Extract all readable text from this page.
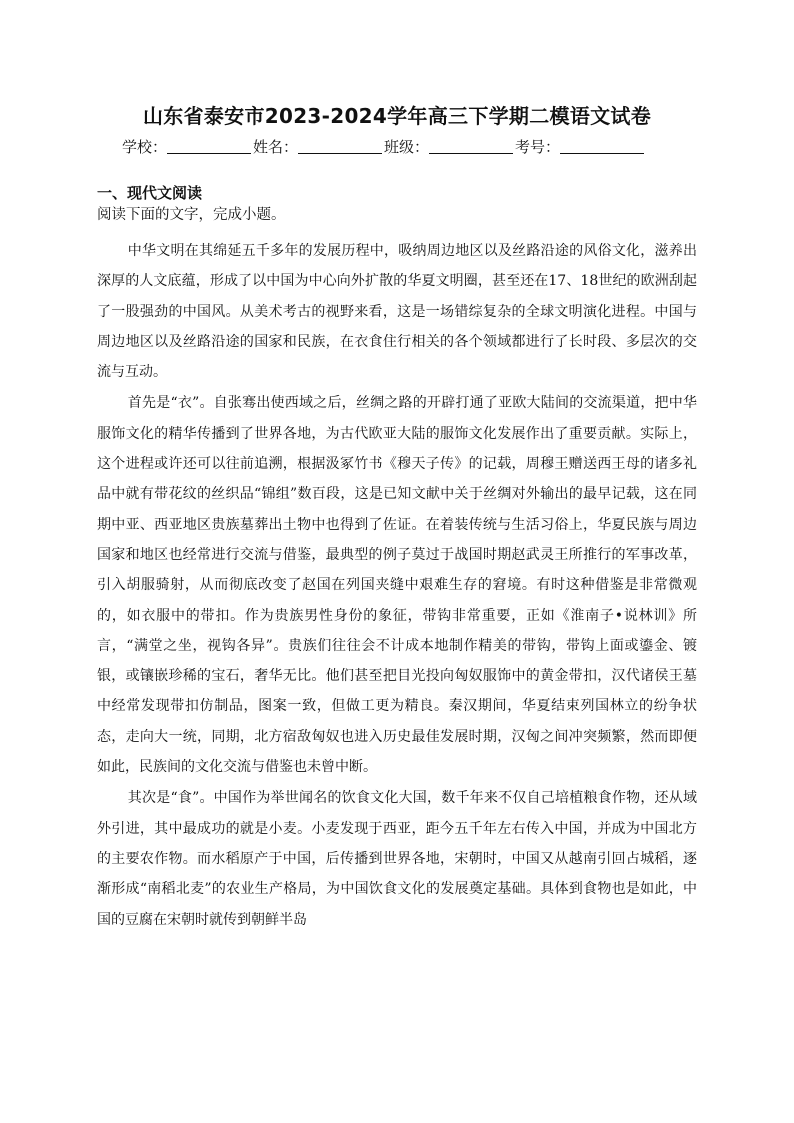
山东省泰安市2023-2024学年高三下学期二模语文试卷
学校：	姓名：	班级：	考号：
一、现代文阅读
阅读下面的文字，完成小题。

中华文明在其绵延五千多年的发展历程中，吸纳周边地区以及丝路沿途的风俗文化，滋养出深厚的人文底蕴，形成了以中国为中心向外扩散的华夏文明圈，甚至还在17、18世纪的欧洲刮起了一股强劲的中国风。从美术考古的视野来看，这是一场错综复杂的全球文明演化进程。中国与周边地区以及丝路沿途的国家和民族，在衣食住行相关的各个领域都进行了长时段、多层次的交流与互动。

首先是“衣”。自张骞出使西域之后，丝绸之路的开辟打通了亚欧大陆间的交流渠道，把中华服饰文化的精华传播到了世界各地，为古代欧亚大陆的服饰文化发展作出了重要贡献。实际上，这个进程或许还可以往前追溯，根据汲冢竹书《穆天子传》的记载，周穆王赠送西王母的诸多礼品中就有带花纹的丝织品“锦组”数百段，这是已知文献中关于丝绸对外输出的最早记载，这在同期中亚、西亚地区贵族墓葬出土物中也得到了佐证。在着装传统与生活习俗上，华夏民族与周边国家和地区也经常进行交流与借鉴，最典型的例子莫过于战国时期赵武灵王所推行的军事改革，引入胡服骑射，从而彻底改变了赵国在列国夹缝中艰难生存的窘境。有时这种借鉴是非常微观的，如衣服中的带扣。作为贵族男性身份的象征，带钩非常重要，正如《淮南子•说林训》所言，“满堂之坐，视钩各异”。贵族们往往会不计成本地制作精美的带钩，带钩上面或鎏金、镀银，或镶嵌珍稀的宝石，奢华无比。他们甚至把目光投向匈奴服饰中的黄金带扣，汉代诸侯王墓中经常发现带扣仿制品，图案一致，但做工更为精良。秦汉期间，华夏结束列国林立的纷争状态，走向大一统，同期，北方宿敌匈奴也进入历史最佳发展时期，汉匈之间冲突频繁，然而即便如此，民族间的文化交流与借鉴也未曾中断。

其次是“食”。中国作为举世闻名的饮食文化大国，数千年来不仅自己培植粮食作物，还从域外引进，其中最成功的就是小麦。小麦发现于西亚，距今五千年左右传入中国，并成为中国北方的主要农作物。而水稻原产于中国，后传播到世界各地，宋朝时，中国又从越南引回占城稻，逐渐形成“南稻北麦”的农业生产格局，为中国饮食文化的发展奠定基础。具体到食物也是如此，中国的豆腐在宋朝时就传到朝鲜半岛
